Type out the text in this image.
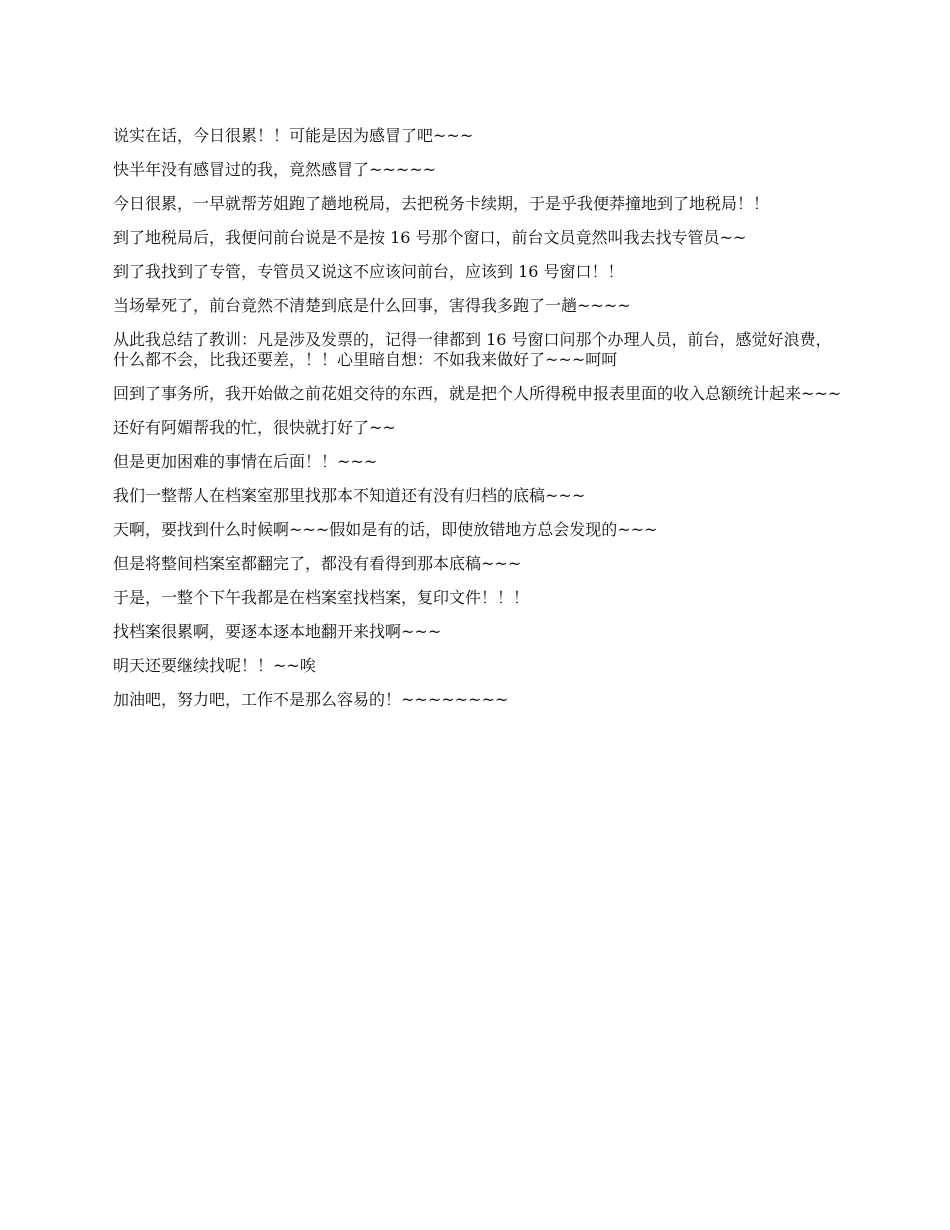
说实在话，今日很累！！可能是因为感冒了吧~~~

快半年没有感冒过的我，竟然感冒了~~~~~

今日很累，一早就帮芳姐跑了趟地税局，去把税务卡续期，于是乎我便莽撞地到了地税局！！

到了地税局后，我便问前台说是不是按 16 号那个窗口，前台文员竟然叫我去找专管员~~

到了我找到了专管，专管员又说这不应该问前台，应该到 16 号窗口！！

当场晕死了，前台竟然不清楚到底是什么回事，害得我多跑了一趟~~~~

从此我总结了教训：凡是涉及发票的，记得一律都到 16 号窗口问那个办理人员，前台，感觉好浪费，什么都不会，比我还要差，！！心里暗自想：不如我来做好了~~~呵呵

回到了事务所，我开始做之前花姐交待的东西，就是把个人所得税申报表里面的收入总额统计起来~~~

还好有阿媚帮我的忙，很快就打好了~~

但是更加困难的事情在后面！！~~~

我们一整帮人在档案室那里找那本不知道还有没有归档的底稿~~~

天啊，要找到什么时候啊~~~假如是有的话，即使放错地方总会发现的~~~

但是将整间档案室都翻完了，都没有看得到那本底稿~~~

于是，一整个下午我都是在档案室找档案，复印文件！！！

找档案很累啊，要逐本逐本地翻开来找啊~~~

明天还要继续找呢！！~~唉

加油吧，努力吧，工作不是那么容易的！~~~~~~~~
